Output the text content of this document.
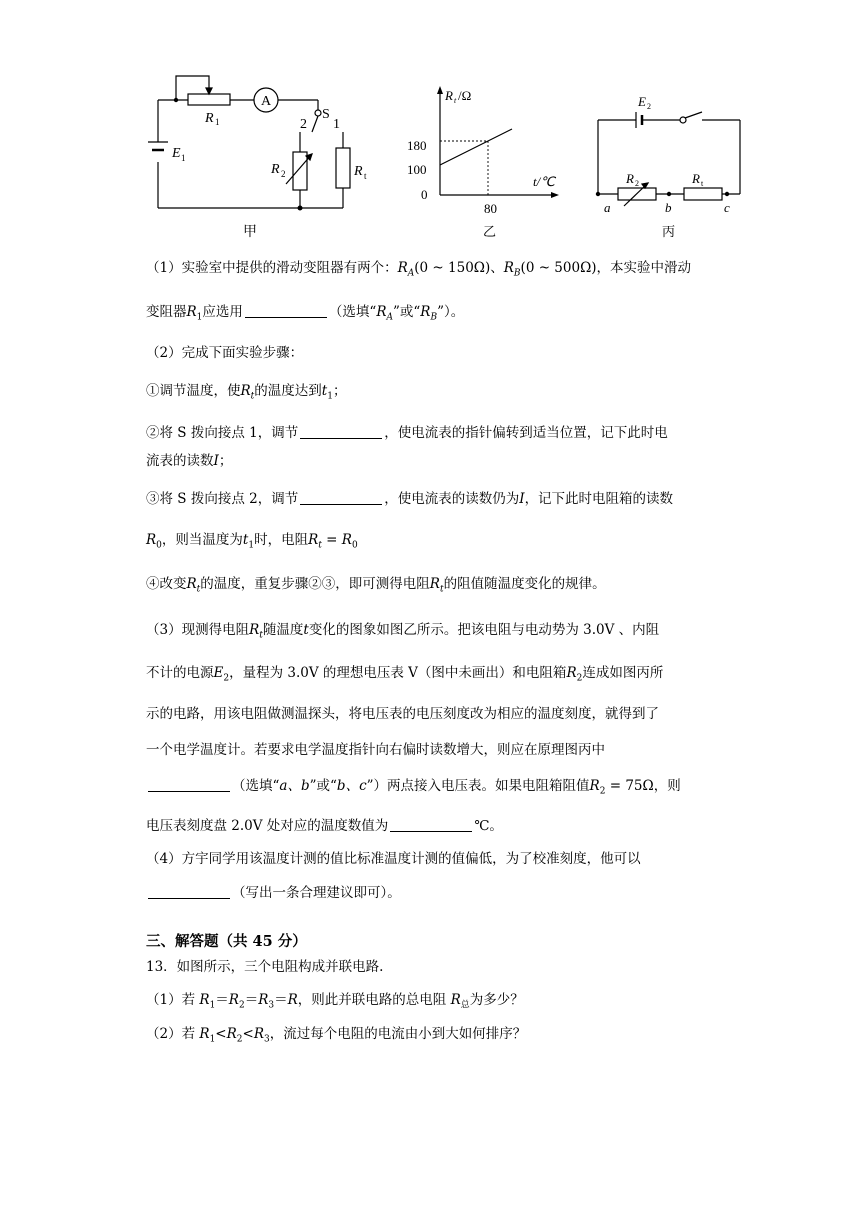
A
R 1	S
2 1
E 1
R 2	R t
甲
R t /Ω
t/℃
180
100
0
80
乙
E 2
R 2	R t
a	b	c
丙
（1）实验室中提供的滑动变阻器有两个：$R_A(0$ ~ 150Ω)、$R_B(0$ ~ 500Ω)，本实验中滑动
变阻器$R_1$应选用	（选填“$R_A$”或“$R_B$”）。
（2）完成下面实验步骤：
①调节温度，使$R_t$的温度达到$t_1$；
②将 S 拨向接点 1，调节	，使电流表的指针偏转到适当位置，记下此时电
流表的读数I；
③将 S 拨向接点 2，调节	，使电流表的读数仍为I，记下此时电阻箱的读数
$R_0$，则当温度为$t_1$时，电阻$R_t = R_0$
④改变$R_t$的温度，重复步骤②③，即可测得电阻$R_t$的阻值随温度变化的规律。
（3）现测得电阻$R_t$随温度t变化的图象如图乙所示。把该电阻与电动势为 3.0V 、内阻
不计的电源$E_2$，量程为 3.0V 的理想电压表 V（图中未画出）和电阻箱$R_2$连成如图丙所
示的电路，用该电阻做测温探头，将电压表的电压刻度改为相应的温度刻度，就得到了
一个电学温度计。若要求电学温度指针向右偏时读数增大，则应在原理图丙中
（选填“a、b”或“b、c”）两点接入电压表。如果电阻箱阻值$R_2 = 75\Omega$，则
电压表刻度盘 2.0V 处对应的温度数值为	℃。
（4）方宇同学用该温度计测的值比标准温度计测的值偏低，为了校准刻度，他可以
（写出一条合理建议即可）。
三、解答题（共 45 分）
13．如图所示，三个电阻构成并联电路.
（1）若 $R_1=R_2=R_3=R$，则此并联电路的总电阻 $R_总$为多少？
（2）若 $R_1<R_2<R_3$，流过每个电阻的电流由小到大如何排序？
